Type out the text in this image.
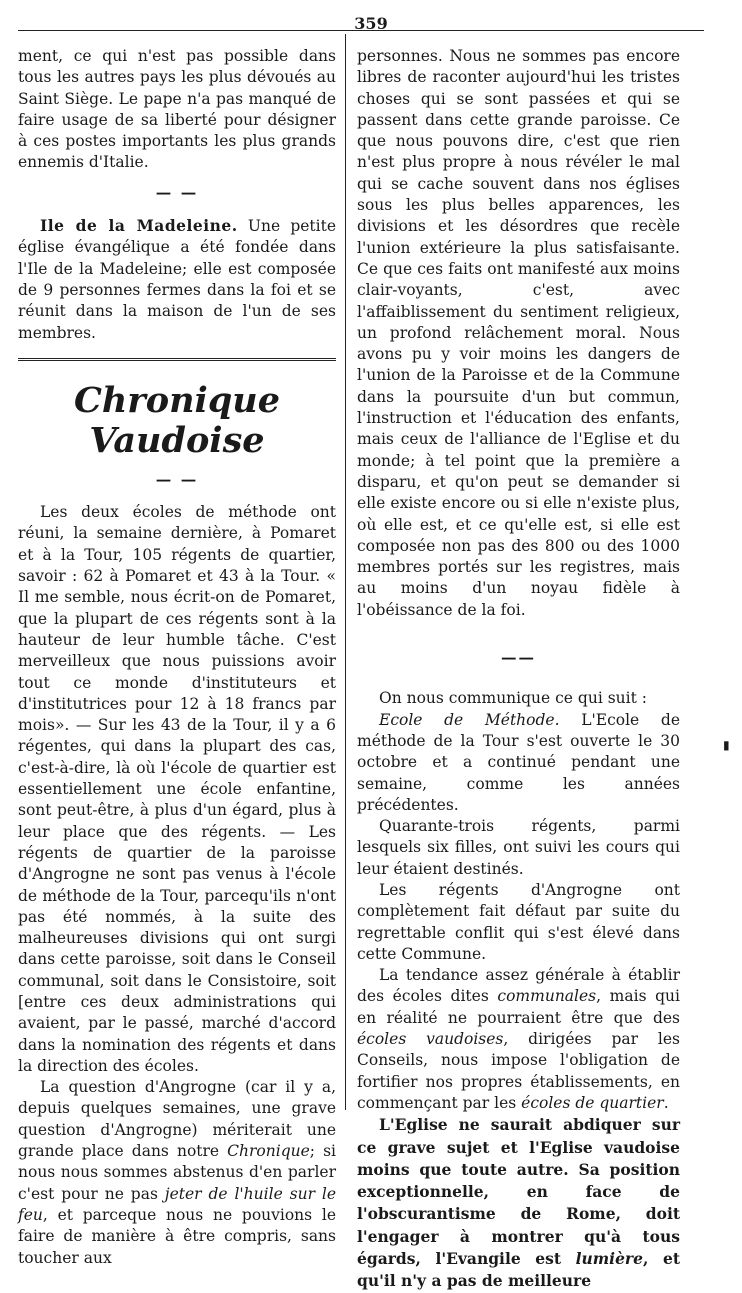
359

ment, ce qui n'est pas possible dans tous les autres pays les plus dévoués au Saint Siège. Le pape n'a pas manqué de faire usage de sa liberté pour désigner à ces postes importants les plus grands ennemis d'Italie.

— —

Ile de la Madeleine. Une petite église évangélique a été fondée dans l'Ile de la Madeleine; elle est composée de 9 personnes fermes dans la foi et se réunit dans la maison de l'un de ses membres.

Chronique Vaudoise
— —

Les deux écoles de méthode ont réuni, la semaine dernière, à Pomaret et à la Tour, 105 régents de quartier, savoir : 62 à Pomaret et 43 à la Tour. « Il me semble, nous écrit-on de Pomaret, que la plupart de ces régents sont à la hauteur de leur humble tâche. C'est merveilleux que nous puissions avoir tout ce monde d'instituteurs et d'institutrices pour 12 à 18 francs par mois». — Sur les 43 de la Tour, il y a 6 régentes, qui dans la plupart des cas, c'est-à-dire, là où l'école de quartier est essentiellement une école enfantine, sont peut-être, à plus d'un égard, plus à leur place que des régents. — Les régents de quartier de la paroisse d'Angrogne ne sont pas venus à l'école de méthode de la Tour, parcequ'ils n'ont pas été nommés, à la suite des malheureuses divisions qui ont surgi dans cette paroisse, soit dans le Conseil communal, soit dans le Consistoire, soit [entre ces deux administrations qui avaient, par le passé, marché d'accord dans la nomination des régents et dans la direction des écoles.

La question d'Angrogne (car il y a, depuis quelques semaines, une grave question d'Angrogne) mériterait une grande place dans notre Chronique; si nous nous sommes abstenus d'en parler c'est pour ne pas jeter de l'huile sur le feu, et parceque nous ne pouvions le faire de manière à être compris, sans toucher aux

personnes. Nous ne sommes pas encore libres de raconter aujourd'hui les tristes choses qui se sont passées et qui se passent dans cette grande paroisse. Ce que nous pouvons dire, c'est que rien n'est plus propre à nous révéler le mal qui se cache souvent dans nos églises sous les plus belles apparences, les divisions et les désordres que recèle l'union extérieure la plus satisfaisante. Ce que ces faits ont manifesté aux moins clair-voyants, c'est, avec l'affaiblissement du sentiment religieux, un profond relâchement moral. Nous avons pu y voir moins les dangers de l'union de la Paroisse et de la Commune dans la poursuite d'un but commun, l'instruction et l'éducation des enfants, mais ceux de l'alliance de l'Eglise et du monde; à tel point que la première a disparu, et qu'on peut se demander si elle existe encore ou si elle n'existe plus, où elle est, et ce qu'elle est, si elle est composée non pas des 800 ou des 1000 membres portés sur les registres, mais au moins d'un noyau fidèle à l'obéissance de la foi.

——

On nous communique ce qui suit :

Ecole de Méthode. L'Ecole de méthode de la Tour s'est ouverte le 30 octobre et a continué pendant une semaine, comme les années précédentes.

Quarante-trois régents, parmi lesquels six filles, ont suivi les cours qui leur étaient destinés.

Les régents d'Angrogne ont complètement fait défaut par suite du regrettable conflit qui s'est élevé dans cette Commune.

La tendance assez générale à établir des écoles dites communales, mais qui en réalité ne pourraient être que des écoles vaudoises, dirigées par les Conseils, nous impose l'obligation de fortifier nos propres établissements, en commençant par les écoles de quartier.

L'Eglise ne saurait abdiquer sur ce grave sujet et l'Eglise vaudoise moins que toute autre. Sa position exceptionnelle, en face de l'obscurantisme de Rome, doit l'engager à montrer qu'à tous égards, l'Evangile est lumière, et qu'il n'y a pas de meilleure

▮
